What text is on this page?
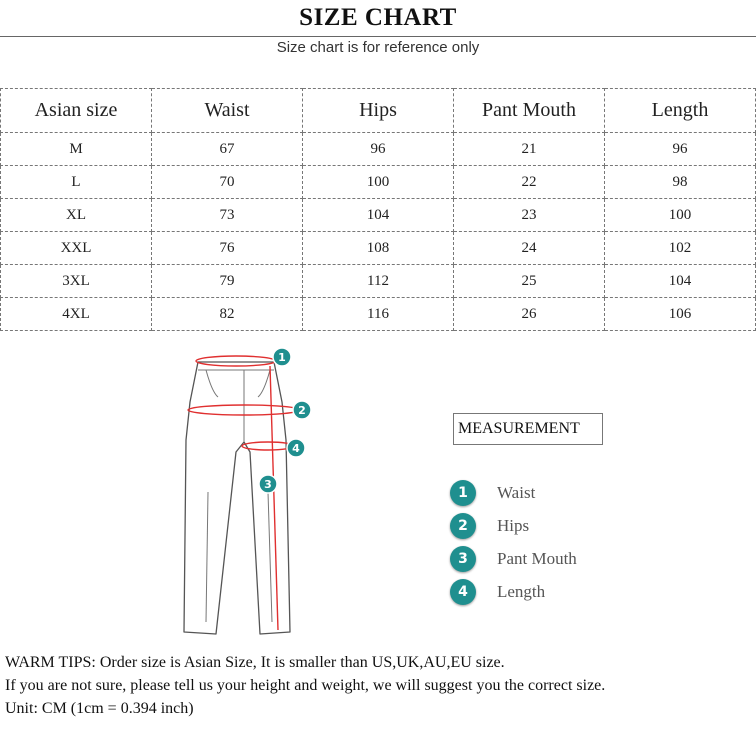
SIZE CHART
Size chart is for reference only
Asian size	Waist	Hips	Pant Mouth	Length
M	67	96	21	96
L	70	100	22	98
XL	73	104	23	100
XXL	76	108	24	102
3XL	79	112	25	104
4XL	82	116	26	106
1
2
4
3
MEASUREMENT
1	Waist
2	Hips
3	Pant Mouth
4	Length
WARM TIPS: Order size is Asian Size, It is smaller than US,UK,AU,EU size.
If you are not sure, please tell us your height and weight, we will suggest you the correct size.
Unit: CM (1cm = 0.394 inch)
